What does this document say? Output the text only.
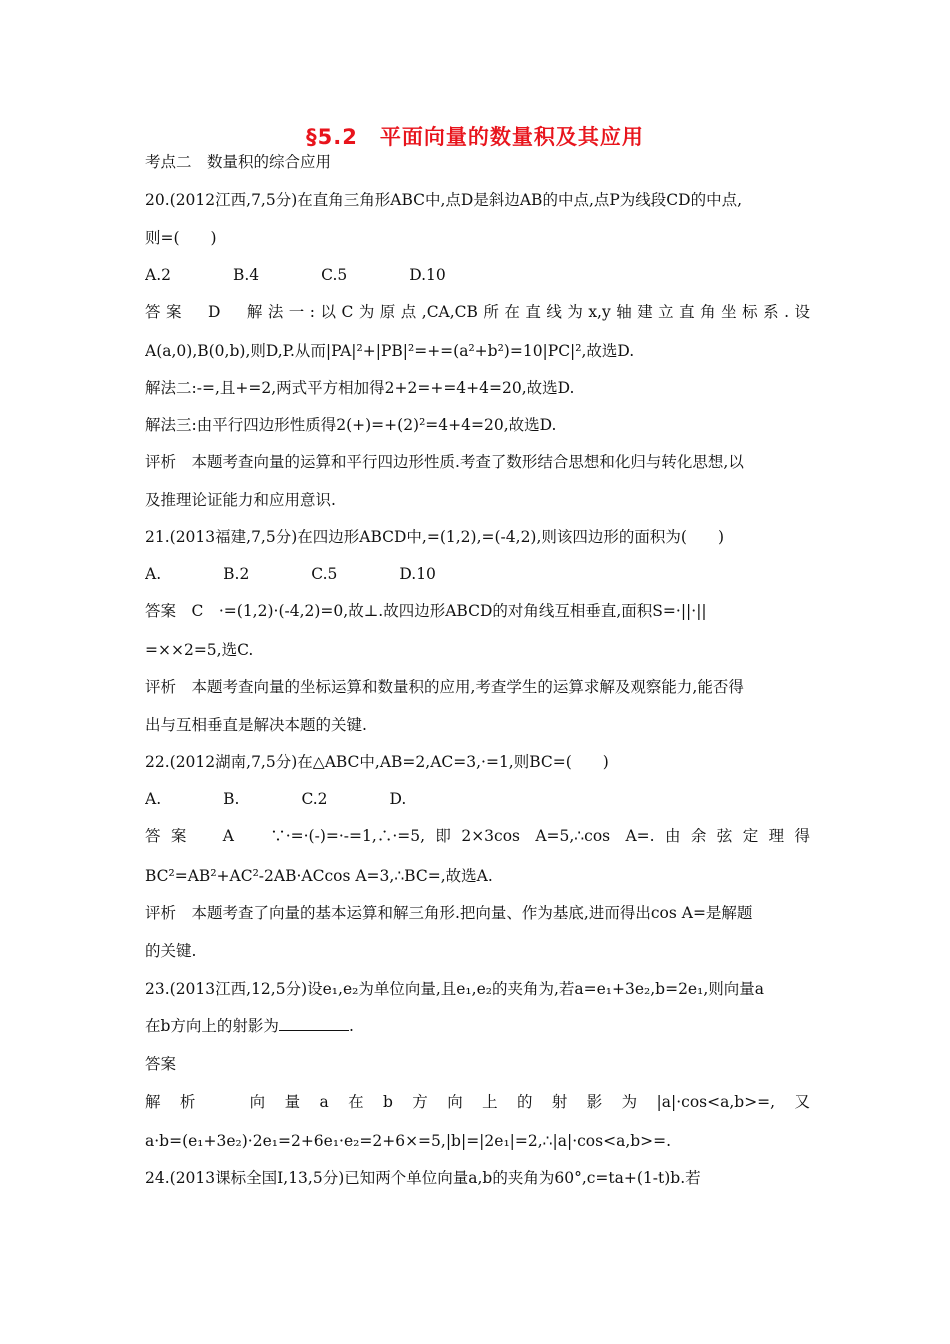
§5.2　平面向量的数量积及其应用
考点二　数量积的综合应用
20.(2012江西,7,5分)在直角三角形ABC中,点D是斜边AB的中点,点P为线段CD的中点,
则=(　　)
A.2　　　　B.4　　　　C.5　　　　D.10
答案　D　解法一:以C为原点,CA,CB所在直线为x,y轴建立直角坐标系.设
A(a,0),B(0,b),则D,P.从而|PA|²+|PB|²=+=(a²+b²)=10|PC|²,故选D.
解法二:-=,且+=2,两式平方相加得2+2=+=4+4=20,故选D.
解法三:由平行四边形性质得2(+)=+(2)²=4+4=20,故选D.
评析　本题考查向量的运算和平行四边形性质.考查了数形结合思想和化归与转化思想,以
及推理论证能力和应用意识.
21.(2013福建,7,5分)在四边形ABCD中,=(1,2),=(-4,2),则该四边形的面积为(　　)
A.　　　　B.2　　　　C.5　　　　D.10
答案　C　·=(1,2)·(-4,2)=0,故⊥.故四边形ABCD的对角线互相垂直,面积S=·||·||
=××2=5,选C.
评析　本题考查向量的坐标运算和数量积的应用,考查学生的运算求解及观察能力,能否得
出与互相垂直是解决本题的关键.
22.(2012湖南,7,5分)在△ABC中,AB=2,AC=3,·=1,则BC=(　　)
A.　　　　B.　　　　C.2　　　　D.
答案　A　∵·=·(-)=·-=1,∴·=5,即2×3cos A=5,∴cos A=.由余弦定理得
BC²=AB²+AC²-2AB·ACcos A=3,∴BC=,故选A.
评析　本题考查了向量的基本运算和解三角形.把向量、作为基底,进而得出cos A=是解题
的关键.
23.(2013江西,12,5分)设e₁,e₂为单位向量,且e₁,e₂的夹角为,若a=e₁+3e₂,b=2e₁,则向量a
在b方向上的射影为	.
答案
解析　向量a在b方向上的射影为|a|·cos<a,b>=,又
a·b=(e₁+3e₂)·2e₁=2+6e₁·e₂=2+6×=5,|b|=|2e₁|=2,∴|a|·cos<a,b>=.
24.(2013课标全国Ⅰ,13,5分)已知两个单位向量a,b的夹角为60°,c=ta+(1-t)b.若
